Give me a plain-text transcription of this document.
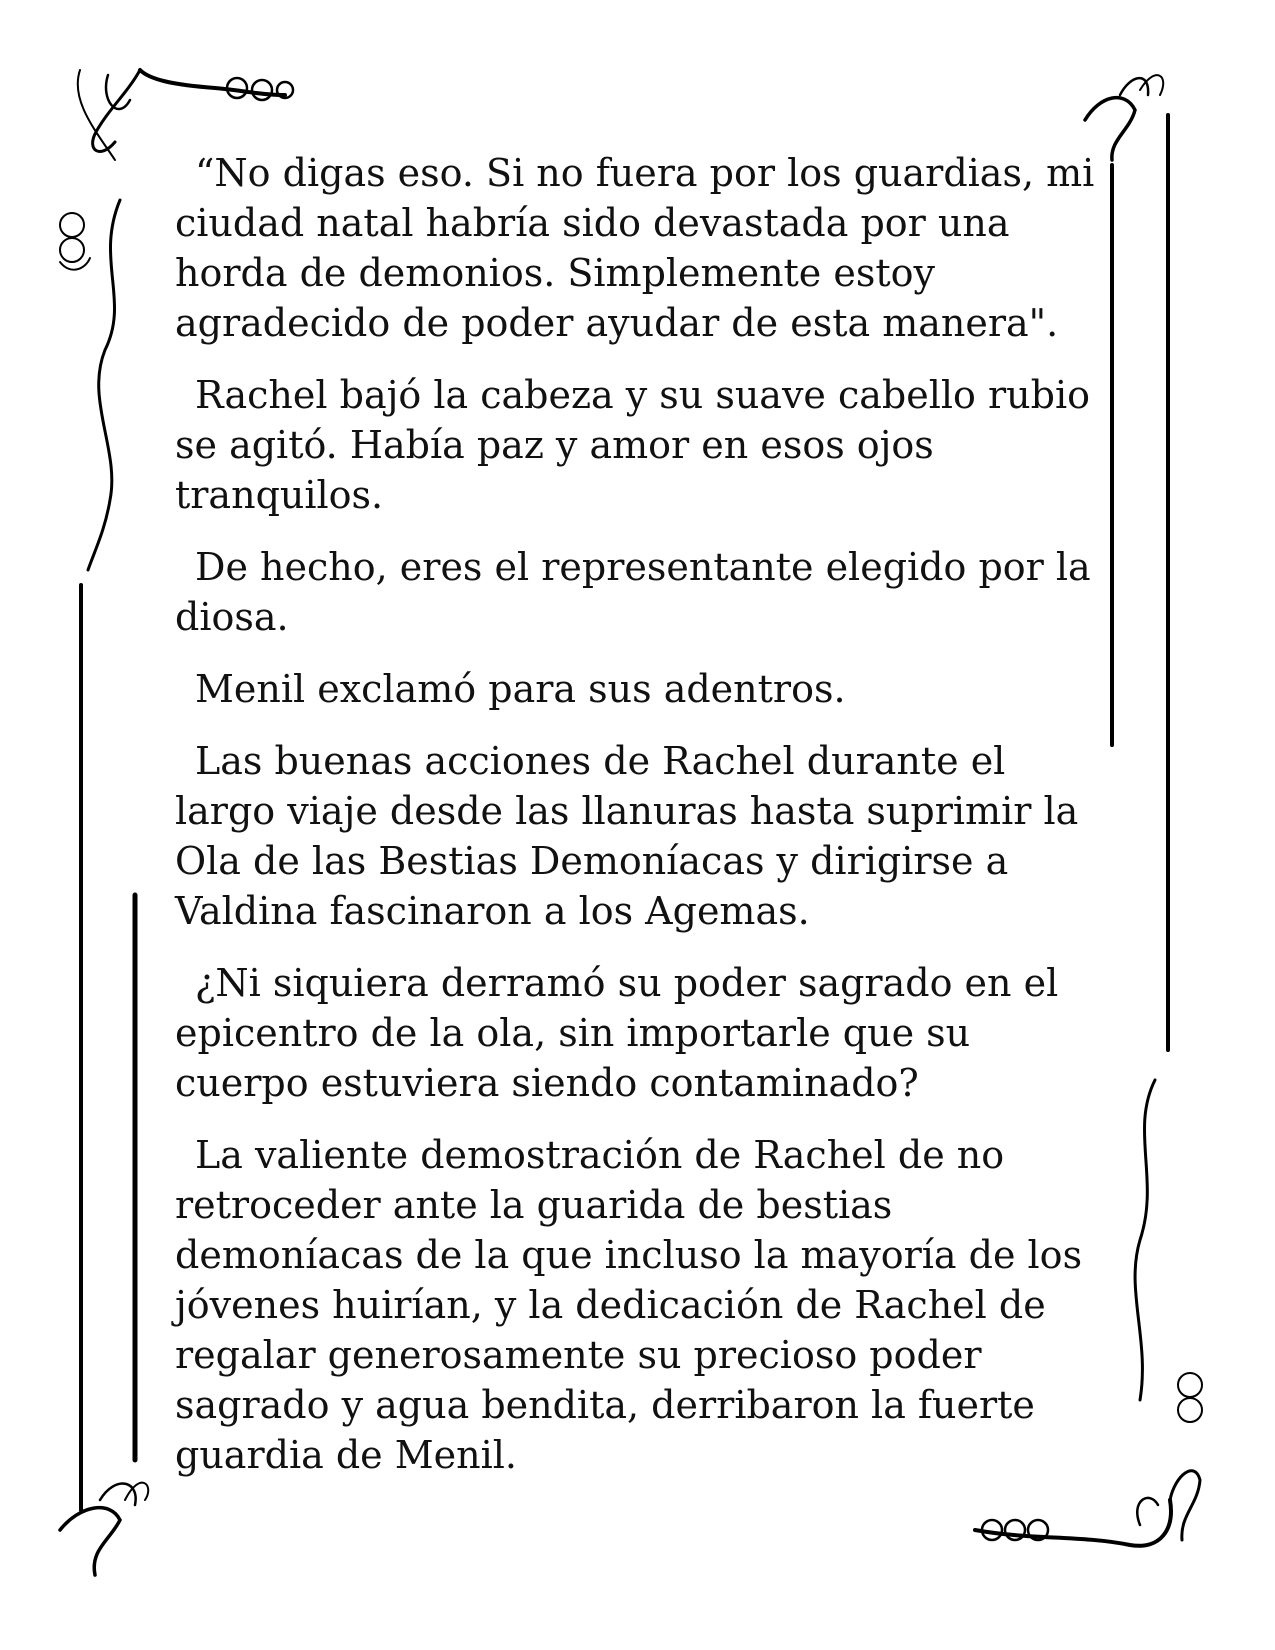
“No digas eso. Si no fuera por los guardias, mi ciudad natal habría sido devastada por una horda de demonios. Simplemente estoy agradecido de poder ayudar de esta manera".

Rachel bajó la cabeza y su suave cabello rubio se agitó. Había paz y amor en esos ojos tranquilos.

De hecho, eres el representante elegido por la diosa.

Menil exclamó para sus adentros.

Las buenas acciones de Rachel durante el largo viaje desde las llanuras hasta suprimir la Ola de las Bestias Demoníacas y dirigirse a Valdina fascinaron a los Agemas.

¿Ni siquiera derramó su poder sagrado en el epicentro de la ola, sin importarle que su cuerpo estuviera siendo contaminado?

La valiente demostración de Rachel de no retroceder ante la guarida de bestias demoníacas de la que incluso la mayoría de los jóvenes huirían, y la dedicación de Rachel de regalar generosamente su precioso poder sagrado y agua bendita, derribaron la fuerte guardia de Menil.
